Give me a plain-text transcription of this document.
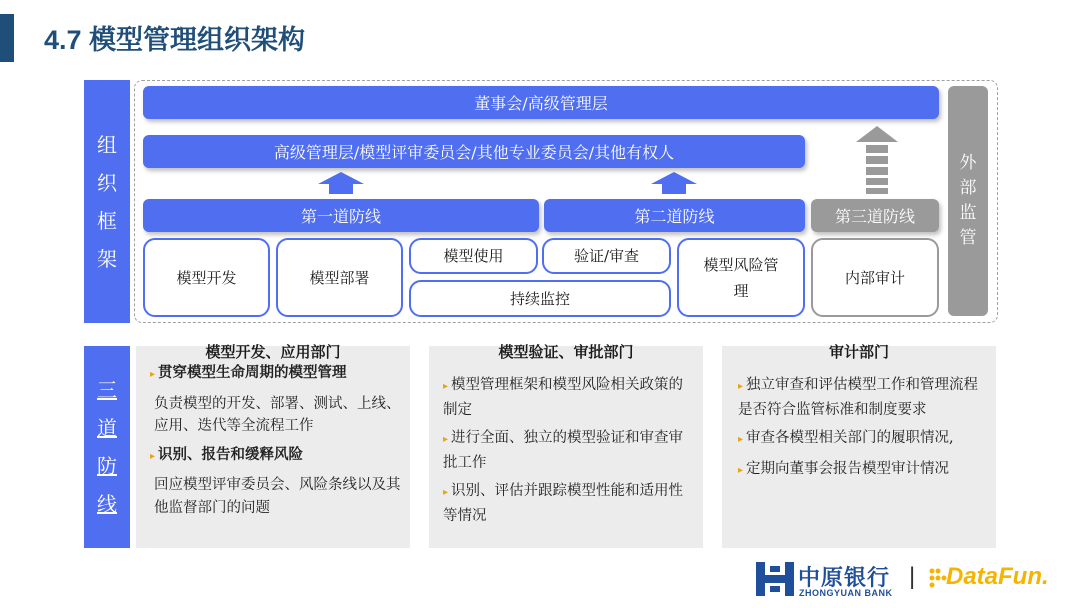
4.7 模型管理组织架构
组
织
框
架
董事会/高级管理层
高级管理层/模型评审委员会/其他专业委员会/其他有权人
第一道防线	第二道防线	第三道防线
外
部
监
管
模型开发	模型部署
模型使用	验证/审查
持续监控
模型风险管理
内部审计
三
道
防
线
模型开发、应用部门
▸ 贯穿模型生命周期的模型管理
负责模型的开发、部署、测试、上线、应用、迭代等全流程工作
▸ 识别、报告和缓释风险
回应模型评审委员会、风险条线以及其他监督部门的问题
模型验证、审批部门
▸ 模型管理框架和模型风险相关政策的制定
▸ 进行全面、独立的模型验证和审查审批工作
▸ 识别、评估并跟踪模型性能和适用性等情况
审计部门
▸ 独立审查和评估模型工作和管理流程是否符合监管标准和制度要求
▸ 审查各模型相关部门的履职情况,
▸ 定期向董事会报告模型审计情况
中原银行
ZHONGYUAN BANK
| DataFun.
